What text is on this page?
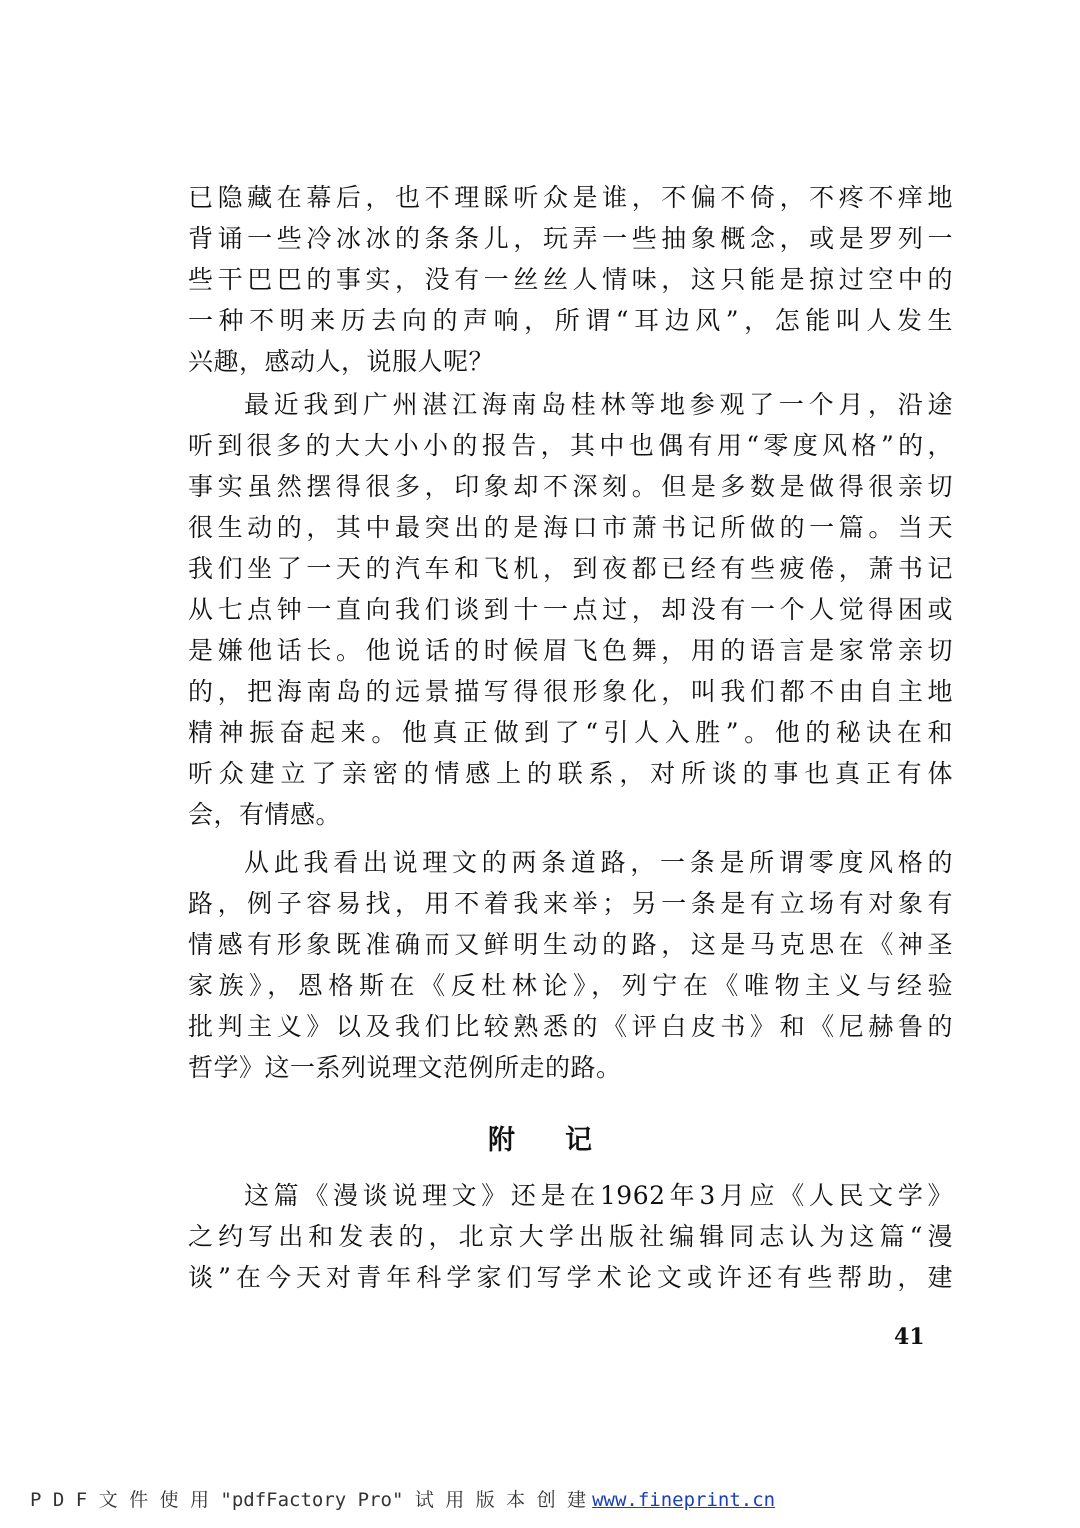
已隐藏在幕后，也不理睬听众是谁，不偏不倚，不疼不痒地
背诵一些冷冰冰的条条儿，玩弄一些抽象概念，或是罗列一
些干巴巴的事实，没有一丝丝人情味，这只能是掠过空中的
一种不明来历去向的声响，所谓“耳边风”，怎能叫人发生
兴趣，感动人，说服人呢？
最近我到广州湛江海南岛桂林等地参观了一个月，沿途
听到很多的大大小小的报告，其中也偶有用“零度风格”的，
事实虽然摆得很多，印象却不深刻。但是多数是做得很亲切
很生动的，其中最突出的是海口市萧书记所做的一篇。当天
我们坐了一天的汽车和飞机，到夜都已经有些疲倦，萧书记
从七点钟一直向我们谈到十一点过，却没有一个人觉得困或
是嫌他话长。他说话的时候眉飞色舞，用的语言是家常亲切
的，把海南岛的远景描写得很形象化，叫我们都不由自主地
精神振奋起来。他真正做到了“引人入胜”。他的秘诀在和
听众建立了亲密的情感上的联系，对所谈的事也真正有体
会，有情感。
从此我看出说理文的两条道路，一条是所谓零度风格的
路，例子容易找，用不着我来举；另一条是有立场有对象有
情感有形象既准确而又鲜明生动的路，这是马克思在《神圣
家族》，恩格斯在《反杜林论》，列宁在《唯物主义与经验
批判主义》以及我们比较熟悉的《评白皮书》和《尼赫鲁的
哲学》这一系列说理文范例所走的路。
附记
这篇《漫谈说理文》还是在1962年3月应《人民文学》
之约写出和发表的，北京大学出版社编辑同志认为这篇“漫
谈”在今天对青年科学家们写学术论文或许还有些帮助，建
41
P D F 文 件 使 用 "pdfFactory Pro" 试 用 版 本 创 建 www.fineprint.cn
